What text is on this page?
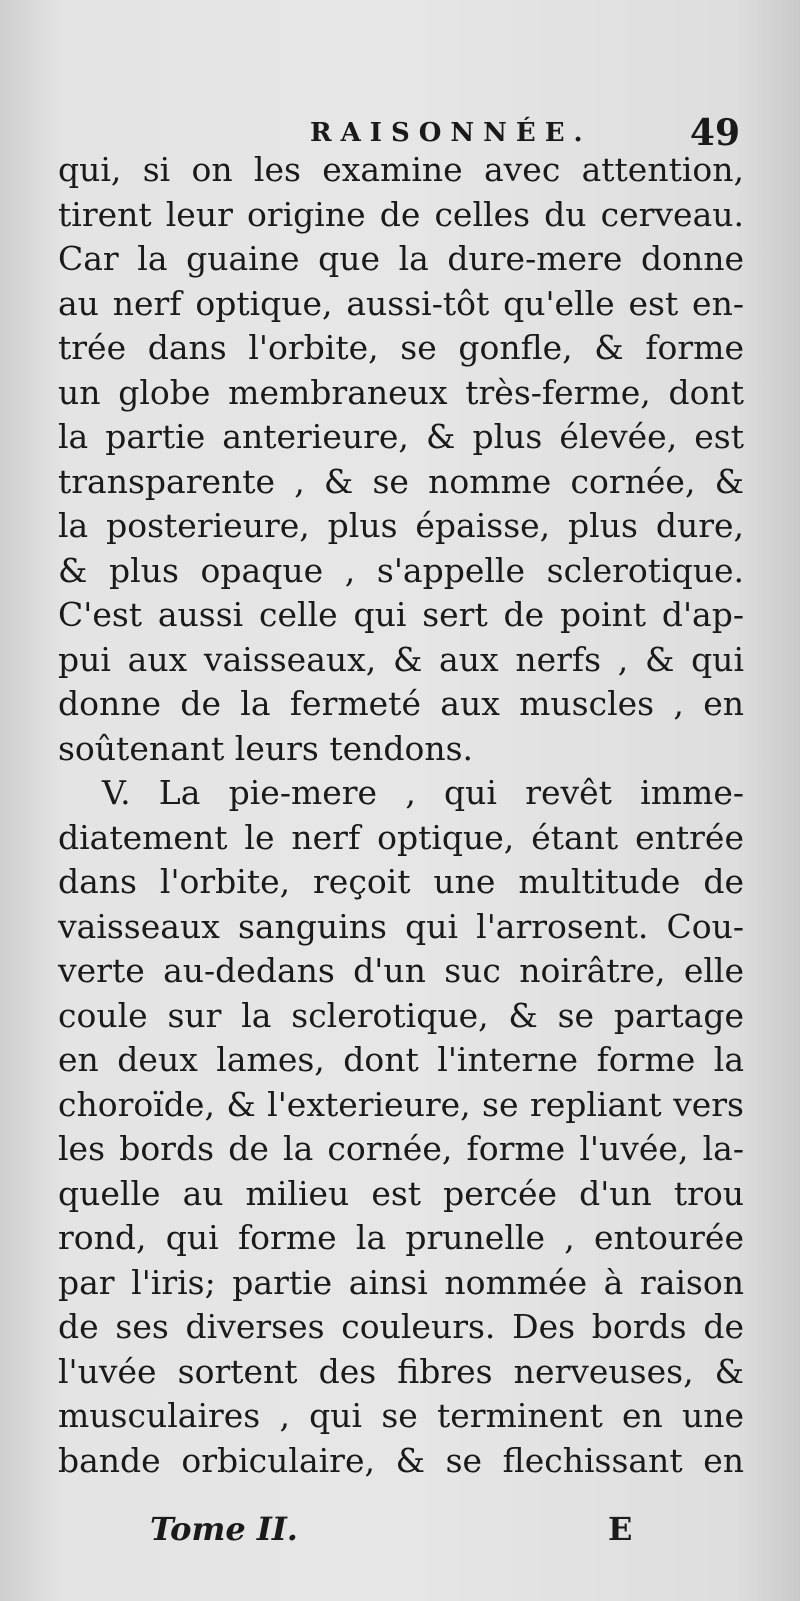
RAISONNÉE.	49
qui, si on les examine avec attention,
tirent leur origine de celles du cerveau.
Car la guaine que la dure-mere donne
au nerf optique, aussi-tôt qu'elle est en-
trée dans l'orbite, se gonfle, & forme
un globe membraneux très-ferme, dont
la partie anterieure, & plus élevée, est
transparente , & se nomme cornée, &
la posterieure, plus épaisse, plus dure,
& plus opaque , s'appelle sclerotique.
C'est aussi celle qui sert de point d'ap-
pui aux vaisseaux, & aux nerfs , & qui
donne de la fermeté aux muscles , en
soûtenant leurs tendons.
V. La pie-mere , qui revêt imme-
diatement le nerf optique, étant entrée
dans l'orbite, reçoit une multitude de
vaisseaux sanguins qui l'arrosent. Cou-
verte au-dedans d'un suc noirâtre, elle
coule sur la sclerotique, & se partage
en deux lames, dont l'interne forme la
choroïde, & l'exterieure, se repliant vers
les bords de la cornée, forme l'uvée, la-
quelle au milieu est percée d'un trou
rond, qui forme la prunelle , entourée
par l'iris; partie ainsi nommée à raison
de ses diverses couleurs. Des bords de
l'uvée sortent des fibres nerveuses, &
musculaires , qui se terminent en une
bande orbiculaire, & se flechissant en
Tome II.	E
